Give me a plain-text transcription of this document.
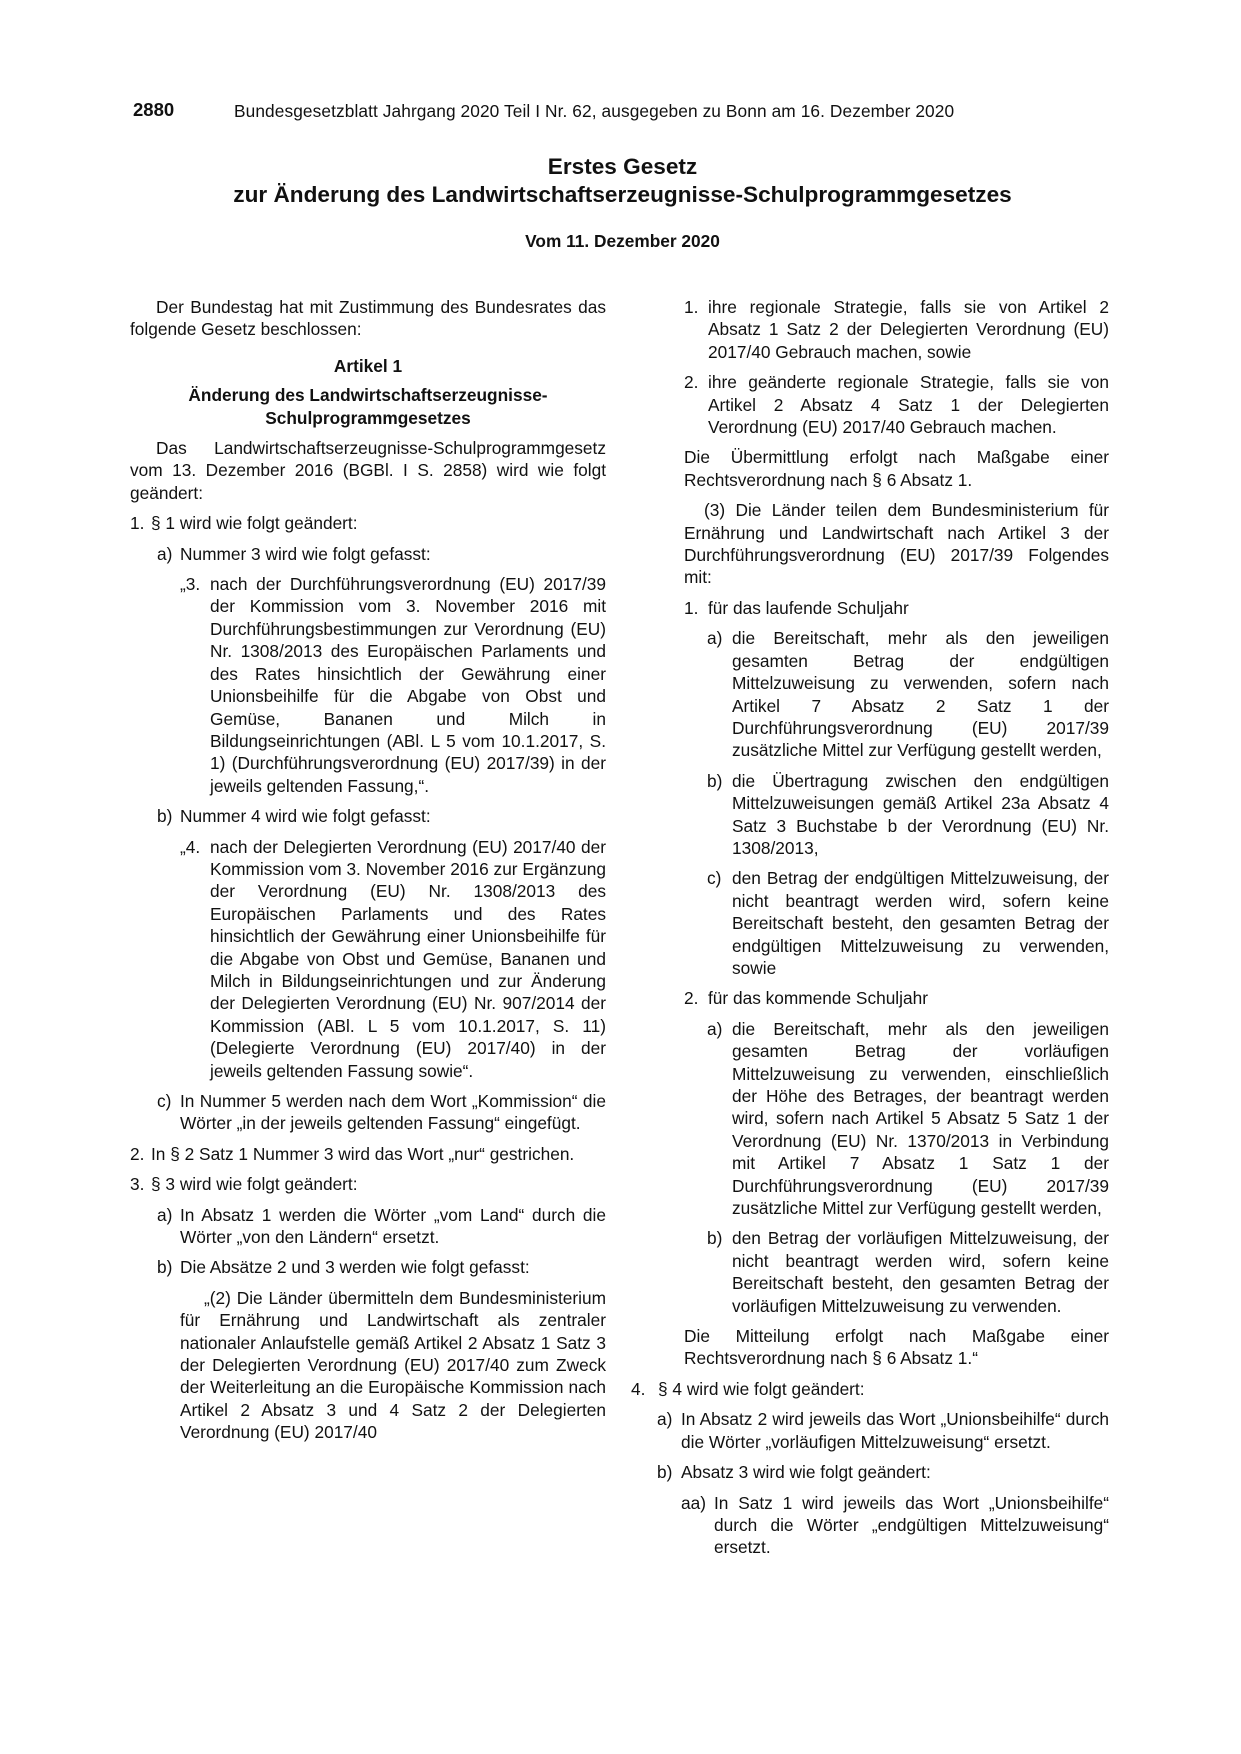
2880	Bundesgesetzblatt Jahrgang 2020 Teil I Nr. 62, ausgegeben zu Bonn am 16. Dezember 2020
Erstes Gesetz
zur Änderung des Landwirtschaftserzeugnisse-Schulprogrammgesetzes
Vom 11. Dezember 2020

Der Bundestag hat mit Zustimmung des Bundesrates das folgende Gesetz beschlossen:

Artikel 1

Änderung des Landwirtschaftserzeugnisse-Schulprogrammgesetzes

Das Landwirtschaftserzeugnisse-Schulprogrammgesetz vom 13. Dezember 2016 (BGBl. I S. 2858) wird wie folgt geändert:

1. § 1 wird wie folgt geändert:
a) Nummer 3 wird wie folgt gefasst:
„3. nach der Durchführungsverordnung (EU) 2017/39 der Kommission vom 3. November 2016 mit Durchführungsbestimmungen zur Verordnung (EU) Nr. 1308/2013 des Europäischen Parlaments und des Rates hinsichtlich der Gewährung einer Unionsbeihilfe für die Abgabe von Obst und Gemüse, Bananen und Milch in Bildungseinrichtungen (ABl. L 5 vom 10.1.2017, S. 1) (Durchführungsverordnung (EU) 2017/39) in der jeweils geltenden Fassung,“.
b) Nummer 4 wird wie folgt gefasst:
„4. nach der Delegierten Verordnung (EU) 2017/40 der Kommission vom 3. November 2016 zur Ergänzung der Verordnung (EU) Nr. 1308/2013 des Europäischen Parlaments und des Rates hinsichtlich der Gewährung einer Unionsbeihilfe für die Abgabe von Obst und Gemüse, Bananen und Milch in Bildungseinrichtungen und zur Änderung der Delegierten Verordnung (EU) Nr. 907/2014 der Kommission (ABl. L 5 vom 10.1.2017, S. 11) (Delegierte Verordnung (EU) 2017/40) in der jeweils geltenden Fassung sowie“.
c) In Nummer 5 werden nach dem Wort „Kommission“ die Wörter „in der jeweils geltenden Fassung“ eingefügt.
2. In § 2 Satz 1 Nummer 3 wird das Wort „nur“ gestrichen.
3. § 3 wird wie folgt geändert:
a) In Absatz 1 werden die Wörter „vom Land“ durch die Wörter „von den Ländern“ ersetzt.
b) Die Absätze 2 und 3 werden wie folgt gefasst:

„(2) Die Länder übermitteln dem Bundesministerium für Ernährung und Landwirtschaft als zentraler nationaler Anlaufstelle gemäß Artikel 2 Absatz 1 Satz 3 der Delegierten Verordnung (EU) 2017/40 zum Zweck der Weiterleitung an die Europäische Kommission nach Artikel 2 Absatz 3 und 4 Satz 2 der Delegierten Verordnung (EU) 2017/40

1. ihre regionale Strategie, falls sie von Artikel 2 Absatz 1 Satz 2 der Delegierten Verordnung (EU) 2017/40 Gebrauch machen, sowie
2. ihre geänderte regionale Strategie, falls sie von Artikel 2 Absatz 4 Satz 1 der Delegierten Verordnung (EU) 2017/40 Gebrauch machen.

Die Übermittlung erfolgt nach Maßgabe einer Rechtsverordnung nach § 6 Absatz 1.

(3) Die Länder teilen dem Bundesministerium für Ernährung und Landwirtschaft nach Artikel 3 der Durchführungsverordnung (EU) 2017/39 Folgendes mit:

1. für das laufende Schuljahr
a) die Bereitschaft, mehr als den jeweiligen gesamten Betrag der endgültigen Mittelzuweisung zu verwenden, sofern nach Artikel 7 Absatz 2 Satz 1 der Durchführungsverordnung (EU) 2017/39 zusätzliche Mittel zur Verfügung gestellt werden,
b) die Übertragung zwischen den endgültigen Mittelzuweisungen gemäß Artikel 23a Absatz 4 Satz 3 Buchstabe b der Verordnung (EU) Nr. 1308/2013,
c) den Betrag der endgültigen Mittelzuweisung, der nicht beantragt werden wird, sofern keine Bereitschaft besteht, den gesamten Betrag der endgültigen Mittelzuweisung zu verwenden, sowie
2. für das kommende Schuljahr
a) die Bereitschaft, mehr als den jeweiligen gesamten Betrag der vorläufigen Mittelzuweisung zu verwenden, einschließlich der Höhe des Betrages, der beantragt werden wird, sofern nach Artikel 5 Absatz 5 Satz 1 der Verordnung (EU) Nr. 1370/2013 in Verbindung mit Artikel 7 Absatz 1 Satz 1 der Durchführungsverordnung (EU) 2017/39 zusätzliche Mittel zur Verfügung gestellt werden,
b) den Betrag der vorläufigen Mittelzuweisung, der nicht beantragt werden wird, sofern keine Bereitschaft besteht, den gesamten Betrag der vorläufigen Mittelzuweisung zu verwenden.

Die Mitteilung erfolgt nach Maßgabe einer Rechtsverordnung nach § 6 Absatz 1.“

4. § 4 wird wie folgt geändert:
a) In Absatz 2 wird jeweils das Wort „Unionsbeihilfe“ durch die Wörter „vorläufigen Mittelzuweisung“ ersetzt.
b) Absatz 3 wird wie folgt geändert:
aa) In Satz 1 wird jeweils das Wort „Unionsbeihilfe“ durch die Wörter „endgültigen Mittelzuweisung“ ersetzt.
